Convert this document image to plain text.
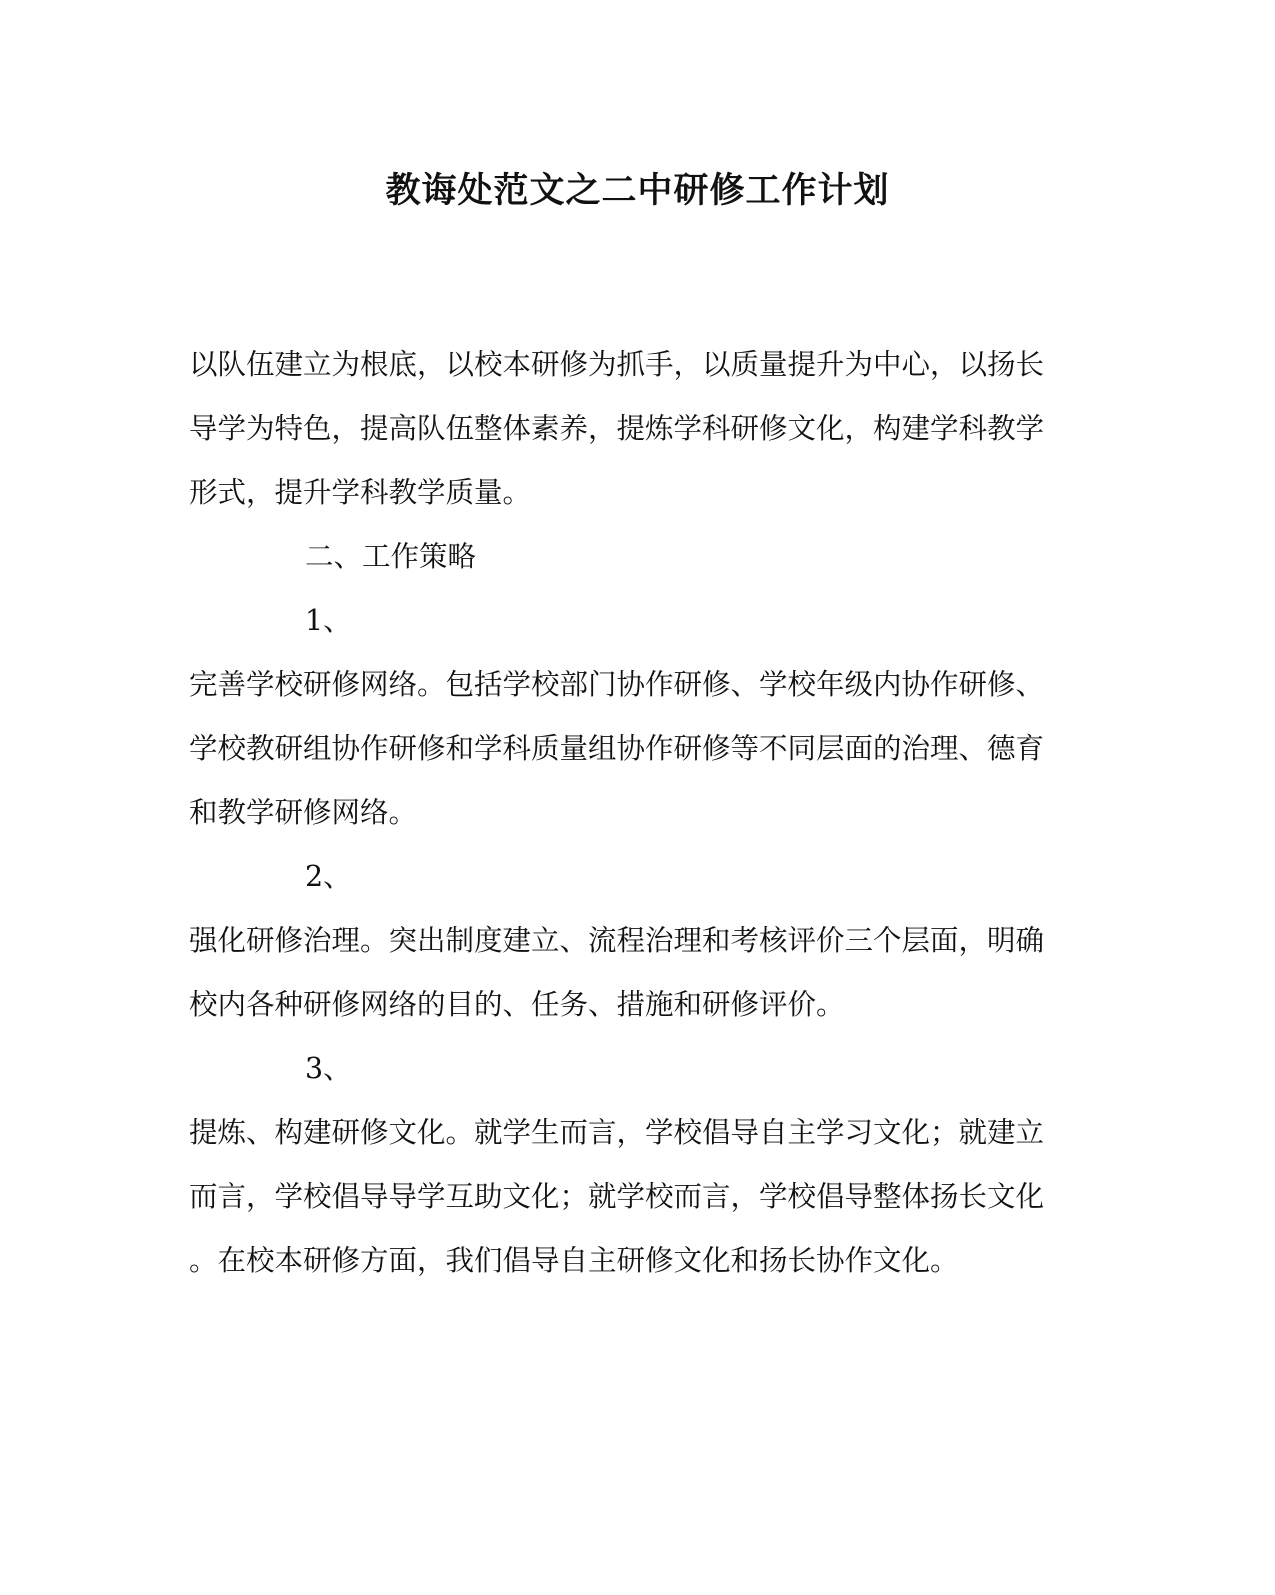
教诲处范文之二中研修工作计划
以队伍建立为根底，以校本研修为抓手，以质量提升为中心，以扬长
导学为特色，提高队伍整体素养，提炼学科研修文化，构建学科教学
形式，提升学科教学质量。
二、工作策略
1、
完善学校研修网络。包括学校部门协作研修、学校年级内协作研修、
学校教研组协作研修和学科质量组协作研修等不同层面的治理、德育
和教学研修网络。
2、
强化研修治理。突出制度建立、流程治理和考核评价三个层面，明确
校内各种研修网络的目的、任务、措施和研修评价。
3、
提炼、构建研修文化。就学生而言，学校倡导自主学习文化；就建立
而言，学校倡导导学互助文化；就学校而言，学校倡导整体扬长文化
。在校本研修方面，我们倡导自主研修文化和扬长协作文化。
